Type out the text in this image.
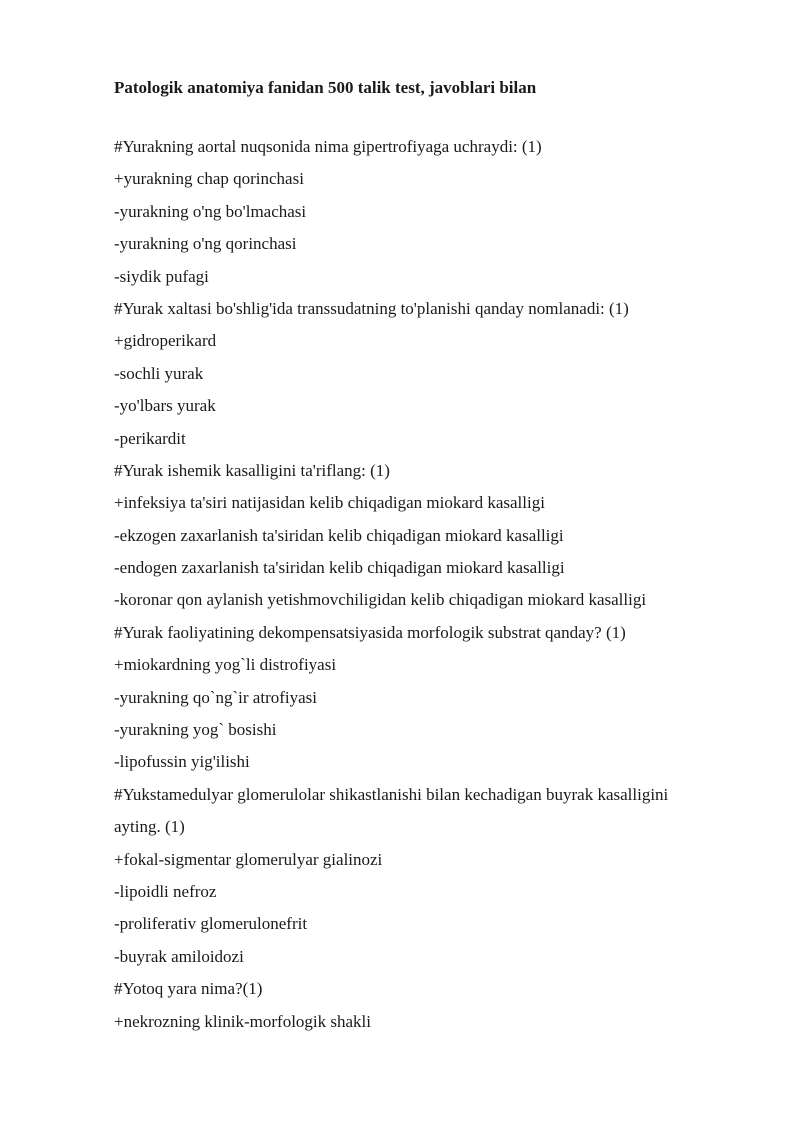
Patologik anatomiya fanidan 500 talik test, javoblari bilan
#Yurakning aortal nuqsonida nima gipertrofiyaga uchraydi: (1)
+yurakning chap qorinchasi
-yurakning o'ng bo'lmachasi
-yurakning o'ng qorinchasi
-siydik pufagi
#Yurak xaltasi bo'shlig'ida transsudatning to'planishi qanday nomlanadi: (1)
+gidroperikard
-sochli yurak
-yo'lbars yurak
-perikardit
#Yurak ishemik kasalligini ta'riflang: (1)
+infeksiya ta'siri natijasidan kelib chiqadigan miokard kasalligi
-ekzogen zaxarlanish ta'siridan kelib chiqadigan miokard kasalligi
-endogen zaxarlanish ta'siridan kelib chiqadigan miokard kasalligi
-koronar qon aylanish yetishmovchiligidan kelib chiqadigan miokard kasalligi
#Yurak faoliyatining dekompensatsiyasida morfologik substrat qanday? (1)
+miokardning yog`li distrofiyasi
-yurakning qo`ng`ir atrofiyasi
-yurakning yog` bosishi
-lipofussin yig'ilishi
#Yukstamedulyar glomerulolar shikastlanishi bilan kechadigan buyrak kasalligini
ayting. (1)
+fokal-sigmentar glomerulyar gialinozi
-lipoidli nefroz
-proliferativ glomerulonefrit
-buyrak amiloidozi
#Yotoq yara nima?(1)
+nekrozning klinik-morfologik shakli
